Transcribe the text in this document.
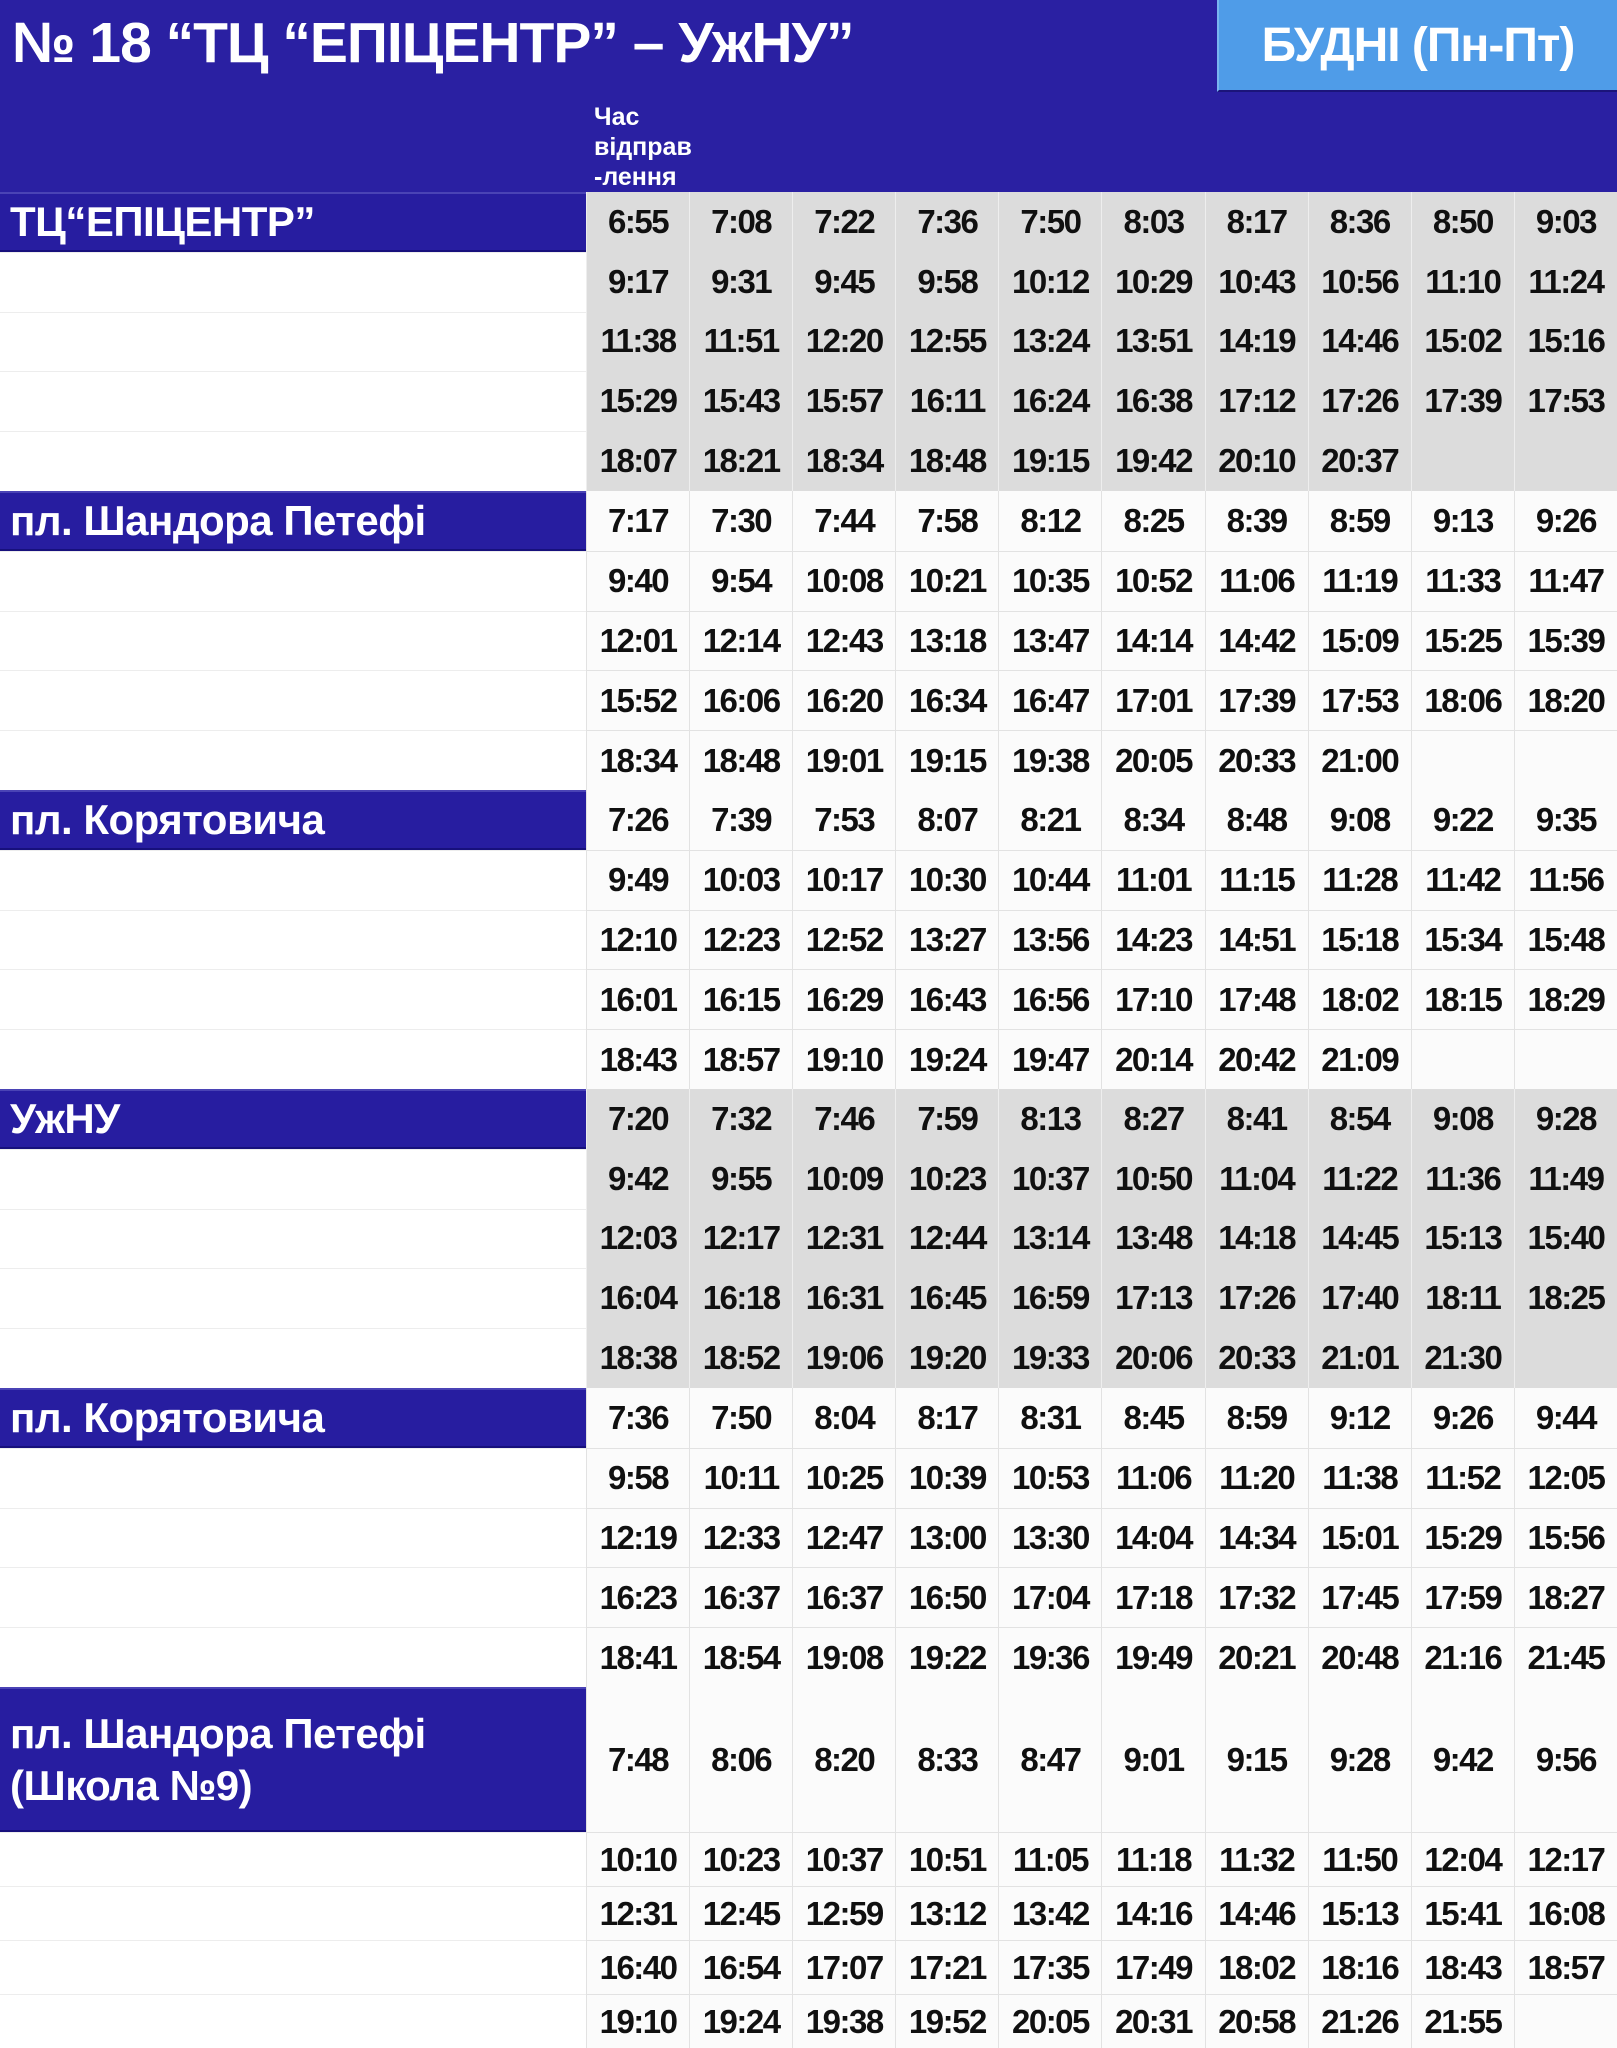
№ 18 “ТЦ “ЕПІЦЕНТР” – УжНУ”	БУДНІ (Пн-Пт)
Час
відправ
-лення
ТЦ“ЕПІЦЕНТР”	6:55	7:08	7:22	7:36	7:50	8:03	8:17	8:36	8:50	9:03
9:17	9:31	9:45	9:58	10:12 10:29 10:43 10:56 11:10 11:24
11:38 11:51 12:20 12:55 13:24 13:51 14:19 14:46 15:02 15:16
15:29 15:43 15:57 16:11 16:24 16:38 17:12 17:26 17:39 17:53
18:07 18:21 18:34 18:48 19:15 19:42 20:10 20:37
пл. Шандора Петефі	7:17	7:30	7:44	7:58	8:12	8:25	8:39	8:59	9:13	9:26
9:40	9:54	10:08 10:21 10:35 10:52 11:06 11:19 11:33 11:47
12:01 12:14 12:43 13:18 13:47 14:14 14:42 15:09 15:25 15:39
15:52 16:06 16:20 16:34 16:47 17:01 17:39 17:53 18:06 18:20
18:34 18:48 19:01 19:15 19:38 20:05 20:33 21:00
пл. Корятовича	7:26	7:39	7:53	8:07	8:21	8:34	8:48	9:08	9:22	9:35
9:49	10:03 10:17 10:30 10:44 11:01 11:15 11:28 11:42 11:56
12:10 12:23 12:52 13:27 13:56 14:23 14:51 15:18 15:34 15:48
16:01 16:15 16:29 16:43 16:56 17:10 17:48 18:02 18:15 18:29
18:43 18:57 19:10 19:24 19:47 20:14 20:42 21:09
УжНУ	7:20	7:32	7:46	7:59	8:13	8:27	8:41	8:54	9:08	9:28
9:42	9:55	10:09 10:23 10:37 10:50 11:04 11:22 11:36 11:49
12:03 12:17 12:31 12:44 13:14 13:48 14:18 14:45 15:13 15:40
16:04 16:18 16:31 16:45 16:59 17:13 17:26 17:40 18:11 18:25
18:38 18:52 19:06 19:20 19:33 20:06 20:33 21:01 21:30
пл. Корятовича	7:36	7:50	8:04	8:17	8:31	8:45	8:59	9:12	9:26	9:44
9:58	10:11 10:25 10:39 10:53 11:06 11:20 11:38 11:52 12:05
12:19 12:33 12:47 13:00 13:30 14:04 14:34 15:01 15:29 15:56
16:23 16:37 16:37 16:50 17:04 17:18 17:32 17:45 17:59 18:27
18:41 18:54 19:08 19:22 19:36 19:49 20:21 20:48 21:16 21:45
пл. Шандора Петефі
(Школа №9)
7:48	8:06	8:20	8:33	8:47	9:01	9:15	9:28	9:42	9:56
10:10 10:23 10:37 10:51 11:05 11:18 11:32 11:50 12:04 12:17
12:31 12:45 12:59 13:12 13:42 14:16 14:46 15:13 15:41 16:08
16:40 16:54 17:07 17:21 17:35 17:49 18:02 18:16 18:43 18:57
19:10 19:24 19:38 19:52 20:05 20:31 20:58 21:26 21:55
